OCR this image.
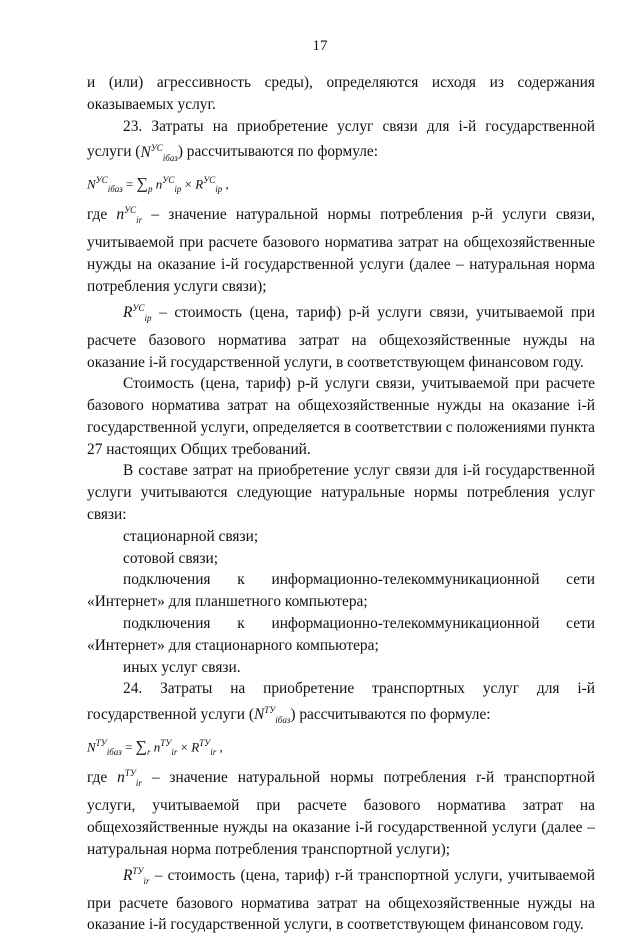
17

и (или) агрессивность среды), определяются исходя из содержания оказываемых услуг.

23. Затраты на приобретение услуг связи для i-й государственной услуги $(N^{УС}_{iбаз})$ рассчитываются по формуле:

$N^{УС}_{iбаз} = \sum_p$ $n^{УС}_{ip} \times R^{УС}_{ip}$ ,

где $n^{УС}_{ir}$ – значение натуральной нормы потребления р-й услуги связи, учитываемой при расчете базового норматива затрат на общехозяйственные нужды на оказание i-й государственной услуги (далее – натуральная норма потребления услуги связи);

$R^{УС}_{ip}$ – стоимость (цена, тариф) р-й услуги связи, учитываемой при расчете базового норматива затрат на общехозяйственные нужды на оказание i-й государственной услуги, в соответствующем финансовом году.

Стоимость (цена, тариф) р-й услуги связи, учитываемой при расчете базового норматива затрат на общехозяйственные нужды на оказание i-й государственной услуги, определяется в соответствии с положениями пункта 27 настоящих Общих требований.

В составе затрат на приобретение услуг связи для i-й государственной услуги учитываются следующие натуральные нормы потребления услуг связи:

стационарной связи;

сотовой связи;

подключения к информационно-телекоммуникационной сети «Интернет» для планшетного компьютера;

подключения к информационно-телекоммуникационной сети «Интернет» для стационарного компьютера;

иных услуг связи.

24. Затраты на приобретение транспортных услуг для i-й государственной услуги $(N^{ТУ}_{iбаз})$ рассчитываются по формуле:

$N^{ТУ}_{iбаз} = \sum_r$ $n^{ТУ}_{ir} \times R^{ТУ}_{ir}$ ,

где $n^{ТУ}_{ir}$ – значение натуральной нормы потребления r-й транспортной услуги, учитываемой при расчете базового норматива затрат на общехозяйственные нужды на оказание i-й государственной услуги (далее – натуральная норма потребления транспортной услуги);

$R^{ТУ}_{ir}$ – стоимость (цена, тариф) r-й транспортной услуги, учитываемой при расчете базового норматива затрат на общехозяйственные нужды на оказание i-й государственной услуги, в соответствующем финансовом году.
